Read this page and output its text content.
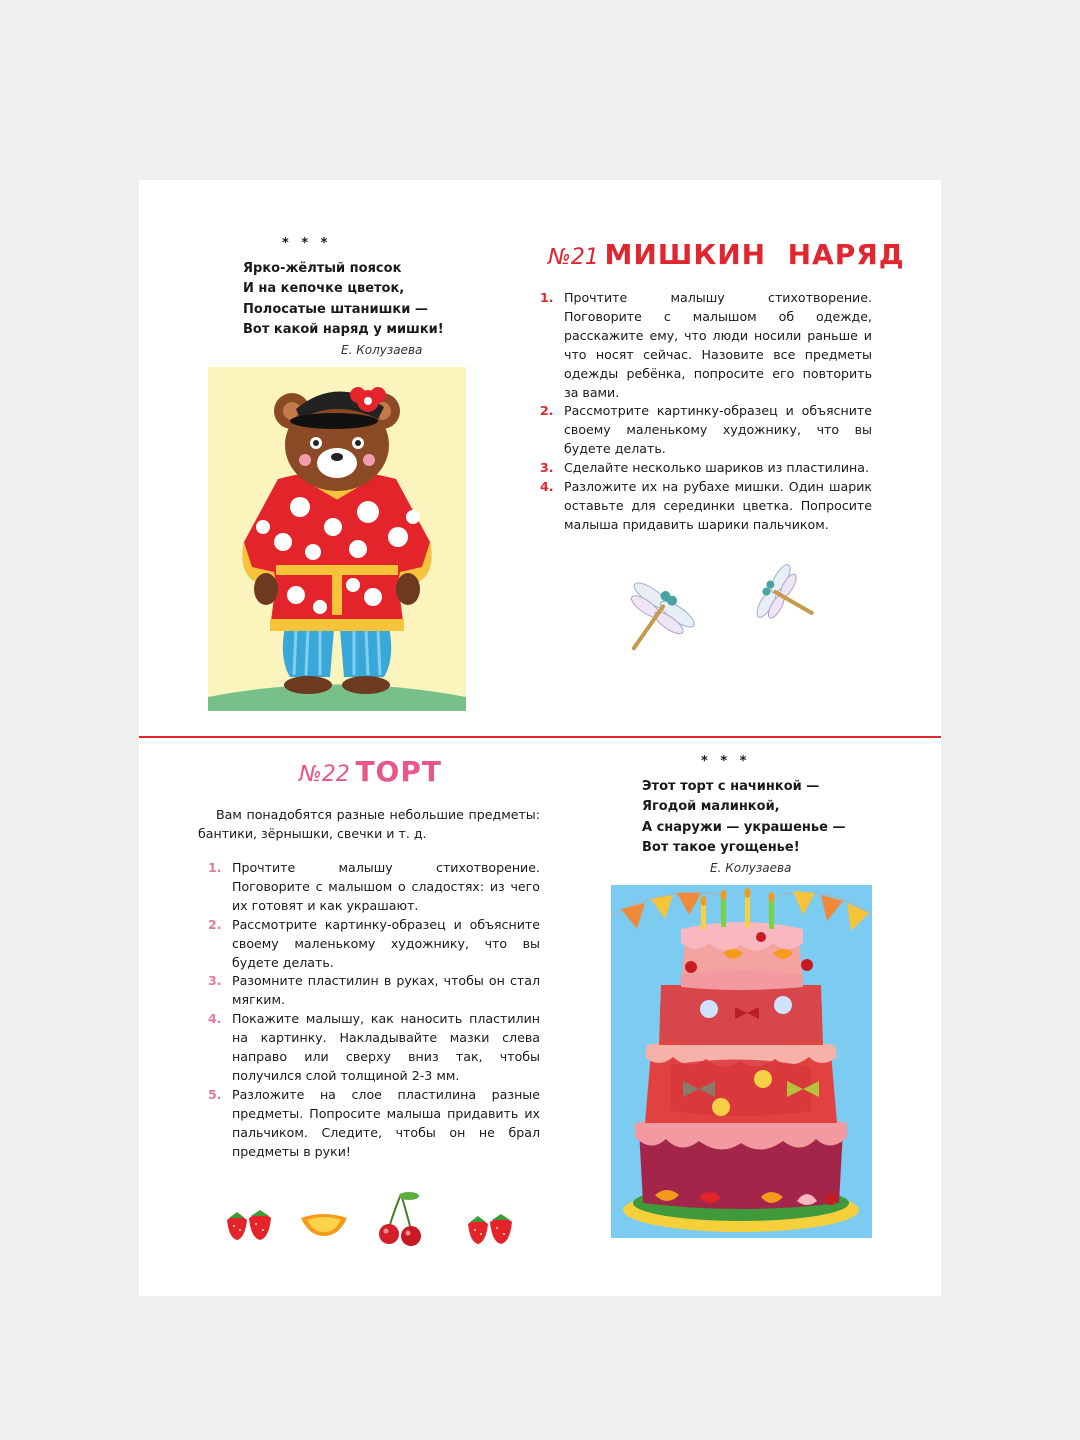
* * *
Ярко-жёлтый поясок
И на кепочке цветок,
Полосатые штанишки —
Вот какой наряд у мишки!
Е. Колузаева
№21 МИШКИН  НАРЯД
1. Прочтите малышу стихотворение. Поговорите с малышом об одежде, расскажите ему, что люди носили раньше и что носят сейчас. Назовите все предметы одежды ребёнка, попросите его повторить за вами.
2. Рассмотрите картинку-образец и объясните своему маленькому художнику, что вы будете делать.
3. Сделайте несколько шариков из пластилина.
4. Разложите их на рубахе мишки. Один шарик оставьте для серединки цветка. Попросите малыша придавить шарики пальчиком.
№22 ТОРТ
Вам понадобятся разные небольшие предметы: бантики, зёрнышки, свечки и т. д.
1. Прочтите малышу стихотворение. Поговорите с малышом о сладостях: из чего их готовят и как украшают.
2. Рассмотрите картинку-образец и объясните своему маленькому художнику, что вы будете делать.
3. Разомните пластилин в руках, чтобы он стал мягким.
4. Покажите малышу, как наносить пластилин на картинку. Накладывайте мазки слева направо или сверху вниз так, чтобы получился слой толщиной 2-3 мм.
5. Разложите на слое пластилина разные предметы. Попросите малыша придавить их пальчиком. Следите, чтобы он не брал предметы в руки!
* * *
Этот торт с начинкой —
Ягодой малинкой,
А снаружи — украшенье —
Вот такое угощенье!
Е. Колузаева
